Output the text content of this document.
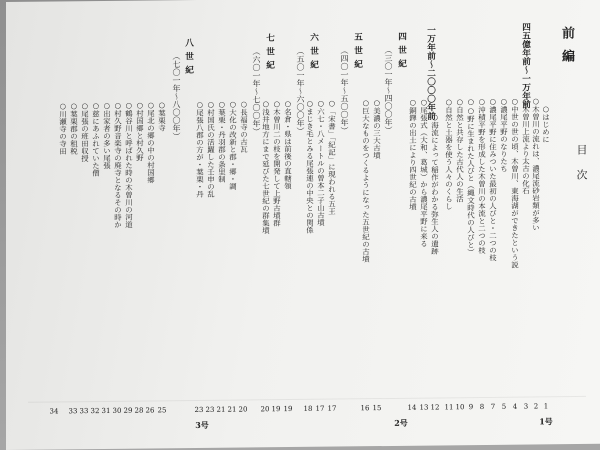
前編
目次
四五億年前〜一万年前
一万年前〜二〇〇〇年前
四世紀
（三〇一年〜四〇〇年）
五世紀
（四〇一年〜五〇〇年）
六世紀
（五〇一年〜六〇〇年）
七世紀
（六〇一年〜七〇〇年）
八世紀
（七〇一年〜八〇〇年）	○はじめに
○木曽川の流れは、濃尾流砂岩類が多い
○木曽川上流より太古の化石
○中世の世の頃、木曽川、東海湖ができたという説
○濃尾平野のなりたち
○濃尾平野に住みついた最初の人びと・二つの枝
○沖積平野を形成した木曽川の本流と二つの枝
○○野に生まれた人びと（縄文時代の人びと）
○自然と共存した古代人の生活
○自然と土器を使う人々のくらし
○海流によって稲作がわかる弥生人の遺跡
○尾張式（大和、葛城）から濃尾平野に来る
○銅鐸の出土により四世紀の古墳
○美濃の三大古墳
○巨大なものをつくるようになった五世紀の古墳
○「宋書」「紀記」に現われる五王
○六七・八メートルの曽本二子山古墳
○まじき毛とみる尾張連の中央との関係
○名倉・県は前後の直轄領
○木曽川二の枝を開発して上野古墳群
○浅井地方にまで延びた七世紀の群集墳
○長福寺の古瓦
○大化の改新と郡・郷・調
○葉栗・丹羽郡の条里制
○村国氏の活躍した壬申の乱
○尾張八郡の方が・葉栗・丹
○葉栗寺
○尾北の郷の中の村国郷
○村国郷と村久野
○鶴谷川と呼ばれた時の木曽川の河道
○村久野音楽寺の廃寺となるその時か
○出家者の多い尾張
○慈にあふれていた僧
○尾張の班田収授
○葉栗郡の租税
○川瀬寺の寺田
1
2
3
4
5
7
8
9
10
11
12
13
14
15
16
17
17
18
19
19
20
20
21
21
23
23
25
26
28
29
30
31
32
33
33
34
1号
2号
3号
